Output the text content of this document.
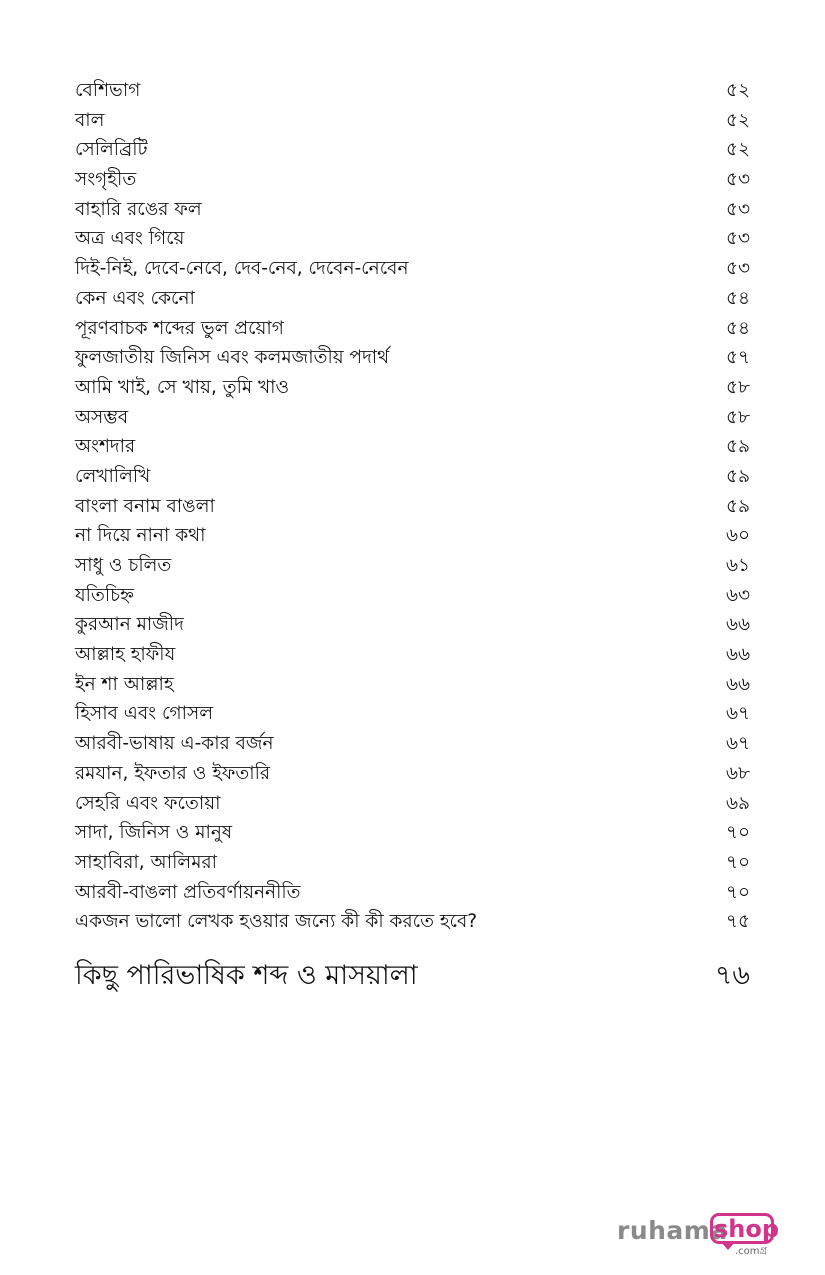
বেশিভাগ	৫২
বাল	৫২
সেলিব্রিটি	৫২
সংগৃহীত	৫৩
বাহারি রঙের ফল	৫৩
অত্র এবং গিয়ে	৫৩
দিই-নিই, দেবে-নেবে, দেব-নেব, দেবেন-নেবেন	৫৩
কেন এবং কেনো	৫৪
পূরণবাচক শব্দের ভুল প্রয়োগ	৫৪
ফুলজাতীয় জিনিস এবং কলমজাতীয় পদার্থ	৫৭
আমি খাই, সে খায়, তুমি খাও	৫৮
অসম্ভব	৫৮
অংশদার	৫৯
লেখালিখি	৫৯
বাংলা বনাম বাঙলা	৫৯
না দিয়ে নানা কথা	৬০
সাধু ও চলিত	৬১
যতিচিহ্ন	৬৩
কুরআন মাজীদ	৬৬
আল্লাহ হাফীয	৬৬
ইন শা আল্লাহ	৬৬
হিসাব এবং গোসল	৬৭
আরবী-ভাষায় এ-কার বর্জন	৬৭
রমযান, ইফতার ও ইফতারি	৬৮
সেহরি এবং ফতোয়া	৬৯
সাদা, জিনিস ও মানুষ	৭০
সাহাবিরা, আলিমরা	৭০
আরবী-বাঙলা প্রতিবর্ণায়ননীতি	৭০
একজন ভালো লেখক হওয়ার জন্যে কী কী করতে হবে?	৭৫
কিছু পারিভাষিক শব্দ ও মাসয়ালা	৭৬
ruhama
shop
.comগ্র
